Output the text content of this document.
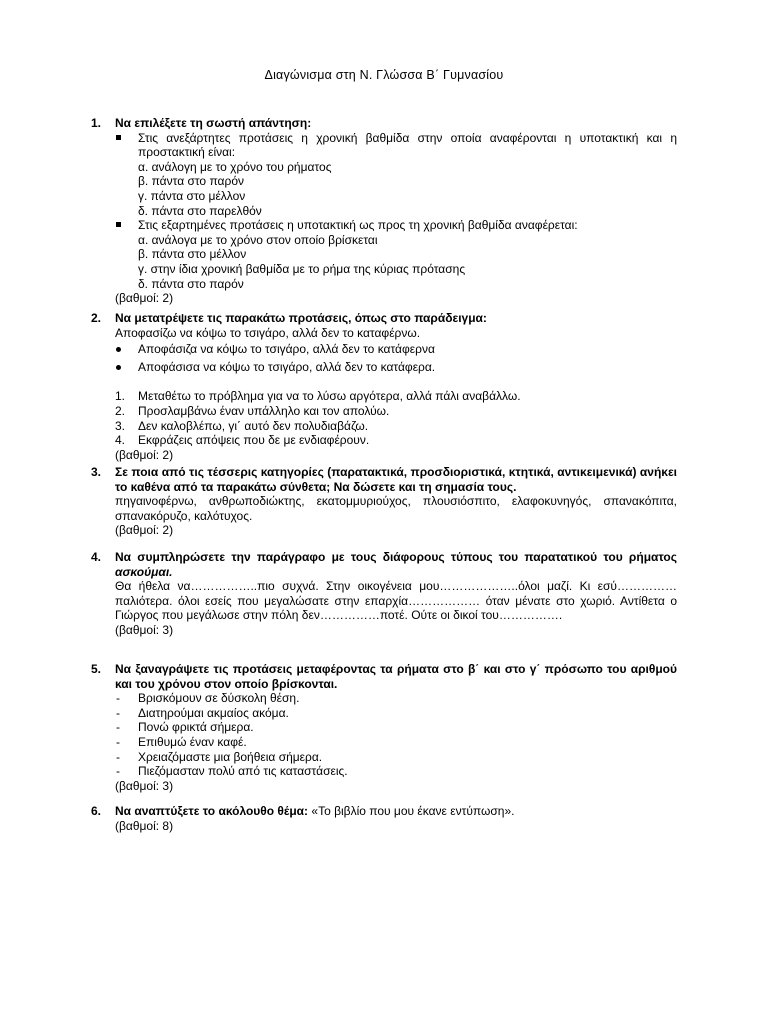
Διαγώνισμα στη Ν. Γλώσσα Β΄ Γυμνασίου
1. Να επιλέξετε τη σωστή απάντηση:
Στις ανεξάρτητες προτάσεις η χρονική βαθμίδα στην οποία αναφέρονται η υποτακτική και η προστακτική είναι:
α. ανάλογη με το χρόνο του ρήματος
β. πάντα στο παρόν
γ. πάντα στο μέλλον
δ. πάντα στο παρελθόν
Στις εξαρτημένες προτάσεις η υποτακτική ως προς τη χρονική βαθμίδα αναφέρεται:
α. ανάλογα με το χρόνο στον οποίο βρίσκεται
β. πάντα στο μέλλον
γ. στην ίδια χρονική βαθμίδα με το ρήμα της κύριας πρότασης
δ. πάντα στο παρόν
(βαθμοί: 2)
2. Να μετατρέψετε τις παρακάτω προτάσεις, όπως στο παράδειγμα:
Αποφασίζω να κόψω το τσιγάρο, αλλά δεν το καταφέρνω.
Αποφάσιζα να κόψω το τσιγάρο, αλλά δεν το κατάφερνα
Αποφάσισα να κόψω το τσιγάρο, αλλά δεν το κατάφερα.
1. Μεταθέτω το πρόβλημα για να το λύσω αργότερα, αλλά πάλι αναβάλλω.
2. Προσλαμβάνω έναν υπάλληλο και τον απολύω.
3. Δεν καλοβλέπω, γι΄ αυτό δεν πολυδιαβάζω.
4. Εκφράζεις απόψεις που δε με ενδιαφέρουν.
(βαθμοί: 2)
3. Σε ποια από τις τέσσερις κατηγορίες (παρατακτικά, προσδιοριστικά, κτητικά, αντικειμενικά) ανήκει το καθένα από τα παρακάτω σύνθετα; Να δώσετε και τη σημασία τους.
πηγαινοφέρνω, ανθρωποδιώκτης, εκατομμυριούχος, πλουσιόσπιτο, ελαφοκυνηγός, σπανακόπιτα, σπανακόρυζο, καλότυχος.
(βαθμοί: 2)
4. Να συμπληρώσετε την παράγραφο με τους διάφορους τύπους του παρατατικού του ρήματος ασκούμαι.
Θα ήθελα να……………..πιο συχνά. Στην οικογένεια μου………………..όλοι μαζί. Κι εσύ……………παλιότερα. όλοι εσείς που μεγαλώσατε στην επαρχία……………… όταν μένατε στο χωριό. Αντίθετα ο Γιώργος που μεγάλωσε στην πόλη δεν……………ποτέ. Ούτε οι δικοί του…………….
(βαθμοί: 3)
5. Να ξαναγράψετε τις προτάσεις μεταφέροντας τα ρήματα στο β΄ και στο γ΄ πρόσωπο του αριθμού και του χρόνου στον οποίο βρίσκονται.
- Βρισκόμουν σε δύσκολη θέση.
- Διατηρούμαι ακμαίος ακόμα.
- Πονώ φρικτά σήμερα.
- Επιθυμώ έναν καφέ.
- Χρειαζόμαστε μια βοήθεια σήμερα.
- Πιεζόμασταν πολύ από τις καταστάσεις.
(βαθμοί: 3)
6. Να αναπτύξετε το ακόλουθο θέμα: «Το βιβλίο που μου έκανε εντύπωση».
(βαθμοί: 8)
